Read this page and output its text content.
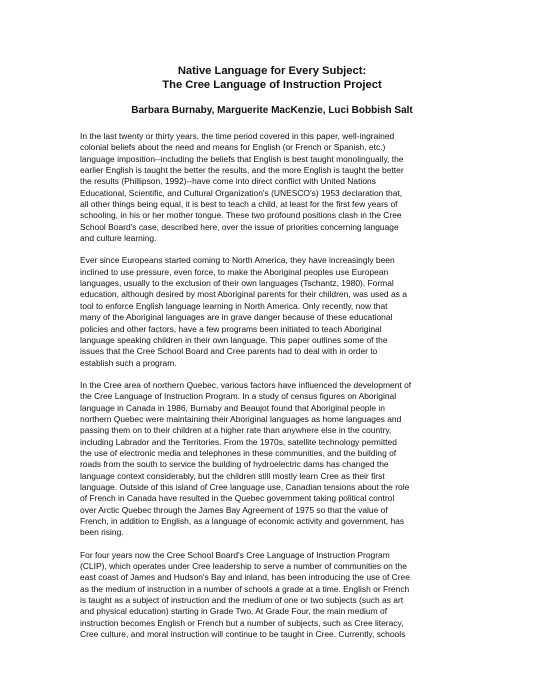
Native Language for Every Subject:
The Cree Language of Instruction Project
Barbara Burnaby, Marguerite MacKenzie, Luci Bobbish Salt
In the last twenty or thirty years, the time period covered in this paper, well-ingrained
colonial beliefs about the need and means for English (or French or Spanish, etc.)
language imposition--including the beliefs that English is best taught monolingually, the
earlier English is taught the better the results, and the more English is taught the better
the results (Phillipson, 1992)--have come into direct conflict with United Nations
Educational, Scientific, and Cultural Organization's (UNESCO's) 1953 declaration that,
all other things being equal, it is best to teach a child, at least for the first few years of
schooling, in his or her mother tongue. These two profound positions clash in the Cree
School Board's case, described here, over the issue of priorities concerning language
and culture learning.
Ever since Europeans started coming to North America, they have increasingly been
inclined to use pressure, even force, to make the Aboriginal peoples use European
languages, usually to the exclusion of their own languages (Tschantz, 1980). Formal
education, although desired by most Aboriginal parents for their children, was used as a
tool to enforce English language learning in North America. Only recently, now that
many of the Aboriginal languages are in grave danger because of these educational
policies and other factors, have a few programs been initiated to teach Aboriginal
language speaking children in their own language. This paper outlines some of the
issues that the Cree School Board and Cree parents had to deal with in order to
establish such a program.
In the Cree area of northern Quebec, various factors have influenced the development of
the Cree Language of Instruction Program. In a study of census figures on Aboriginal
language in Canada in 1986, Burnaby and Beaujot found that Aboriginal people in
northern Quebec were maintaining their Aboriginal languages as home languages and
passing them on to their children at a higher rate than anywhere else in the country,
including Labrador and the Territories. From the 1970s, satellite technology permitted
the use of electronic media and telephones in these communities, and the building of
roads from the south to service the building of hydroelectric dams has changed the
language context considerably, but the children still mostly learn Cree as their first
language. Outside of this island of Cree language use, Canadian tensions about the role
of French in Canada have resulted in the Quebec government taking political control
over Arctic Quebec through the James Bay Agreement of 1975 so that the value of
French, in addition to English, as a language of economic activity and government, has
been rising.
For four years now the Cree School Board's Cree Language of Instruction Program
(CLIP), which operates under Cree leadership to serve a number of communities on the
east coast of James and Hudson's Bay and inland, has been introducing the use of Cree
as the medium of instruction in a number of schools a grade at a time. English or French
is taught as a subject of instruction and the medium of one or two subjects (such as art
and physical education) starting in Grade Two. At Grade Four, the main medium of
instruction becomes English or French but a number of subjects, such as Cree literacy,
Cree culture, and moral instruction will continue to be taught in Cree. Currently, schools
